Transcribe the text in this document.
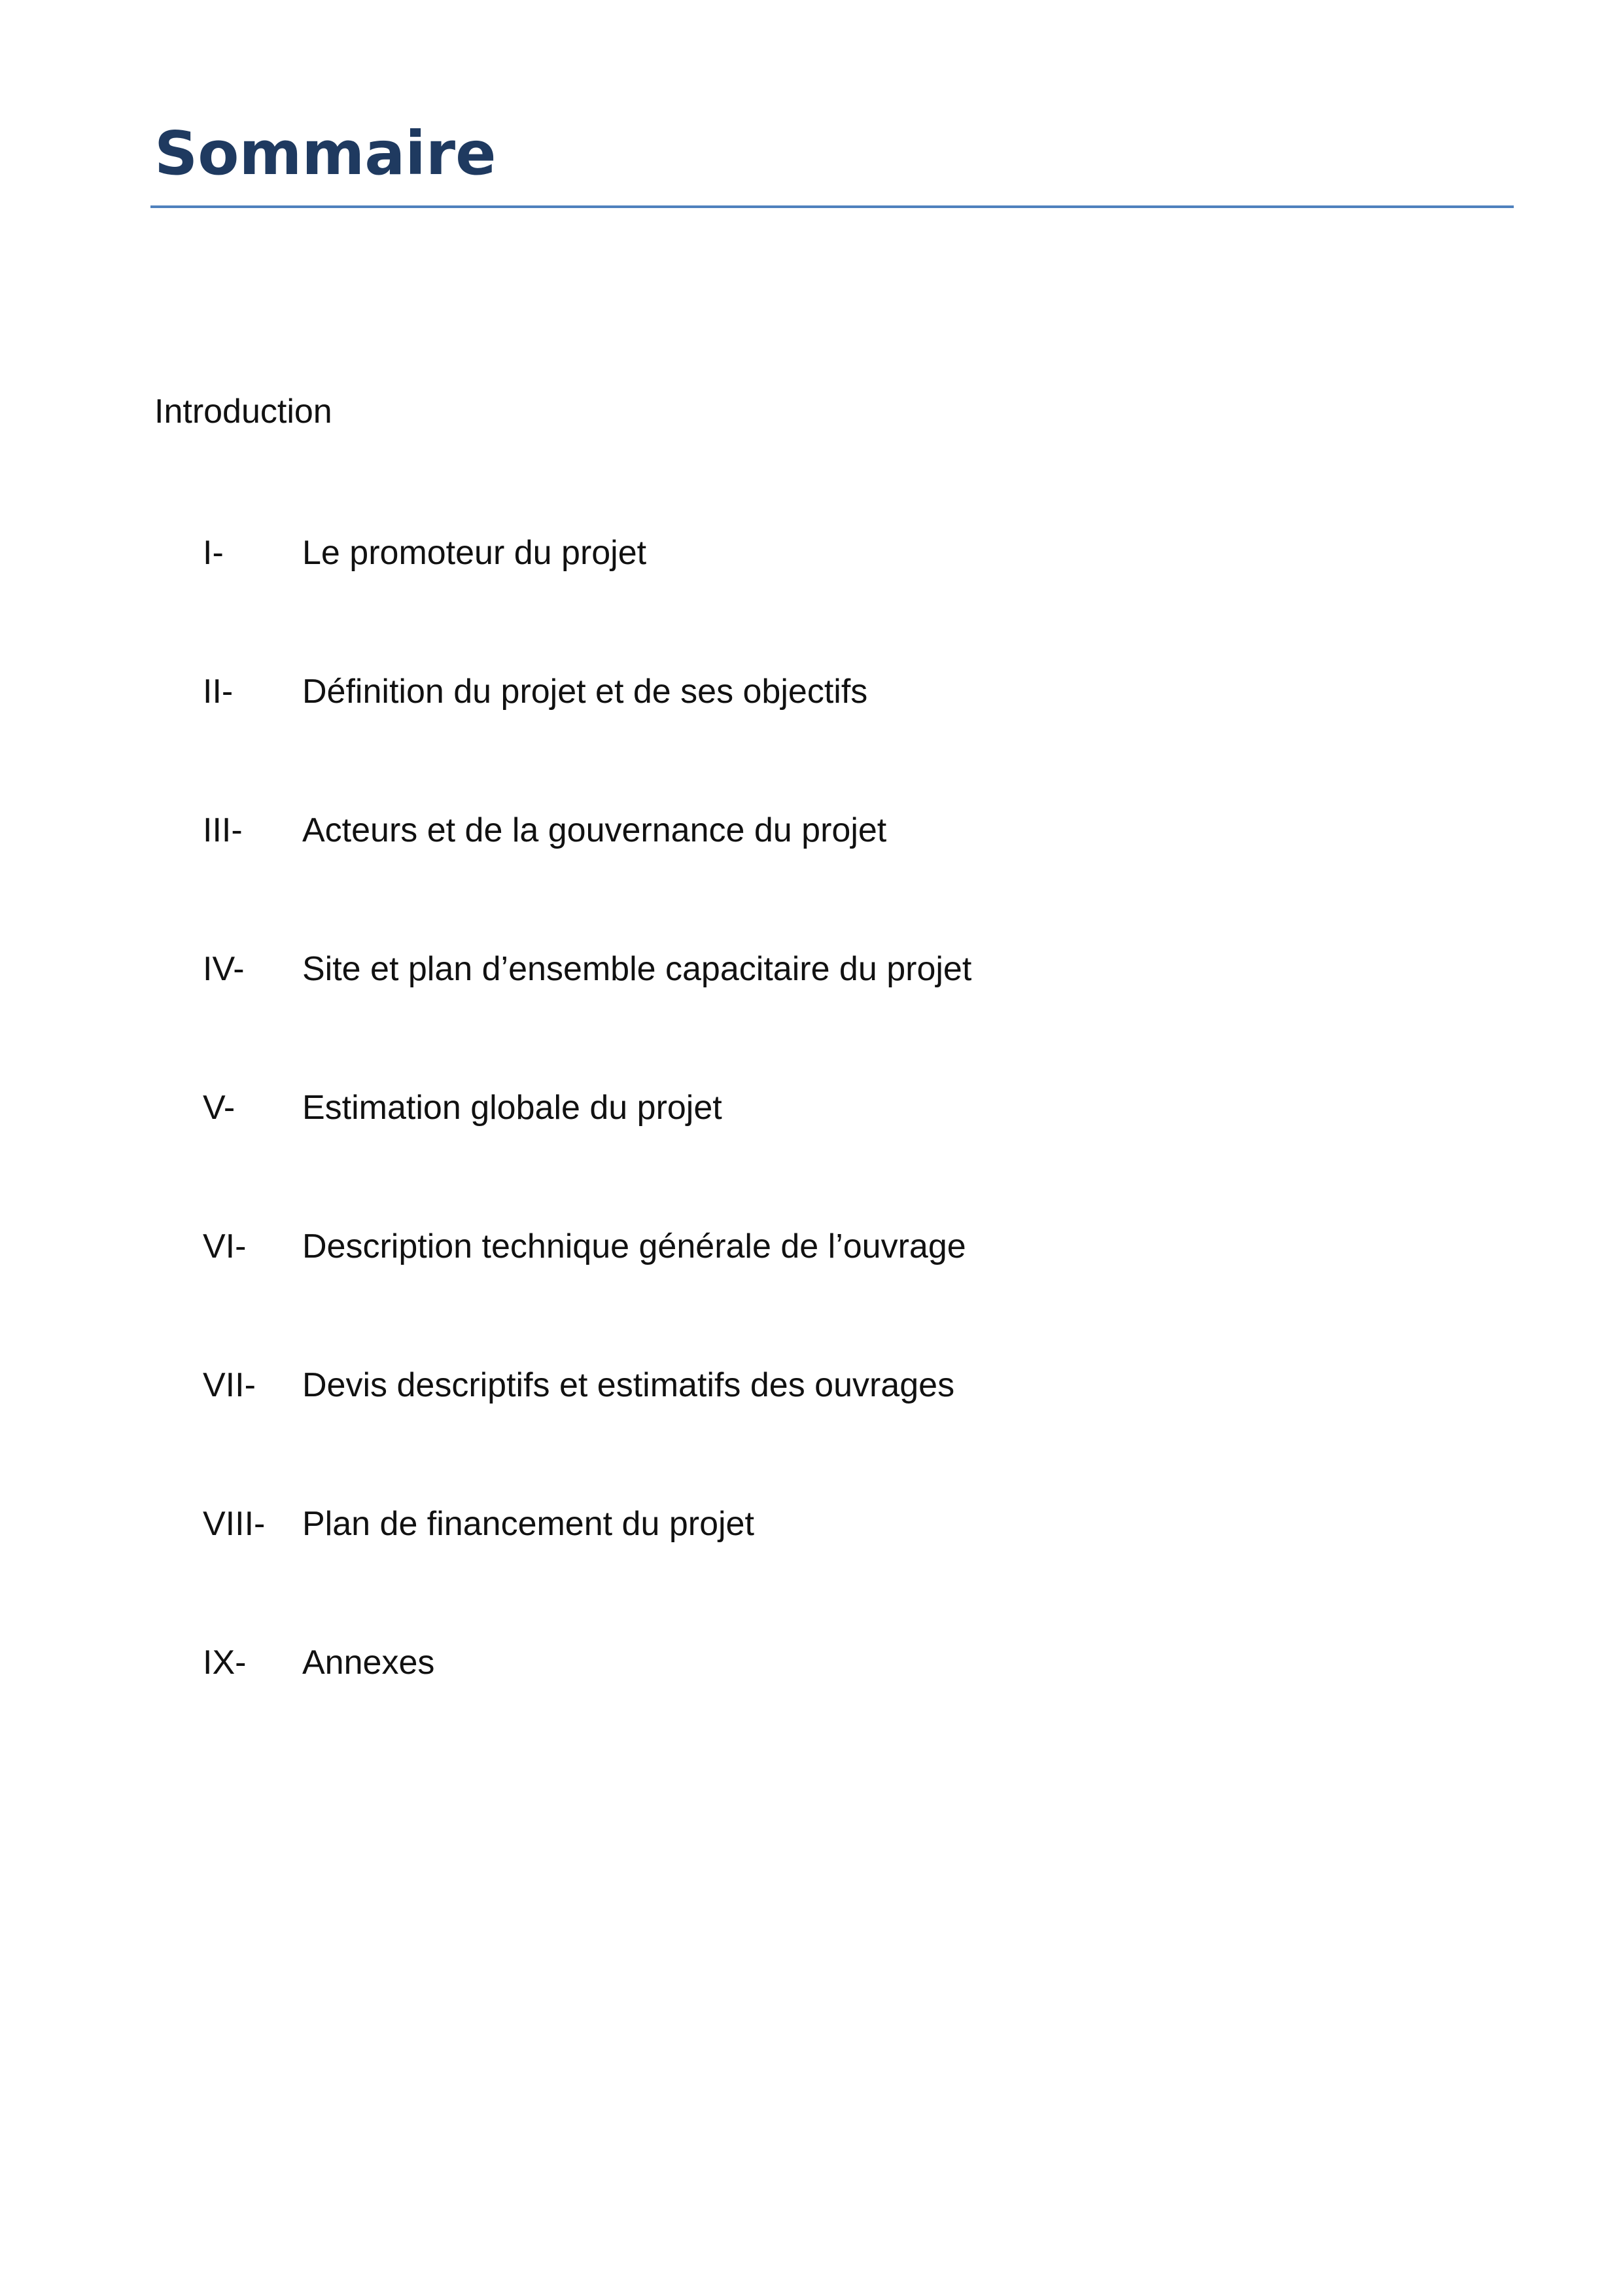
Sommaire
Introduction
I- Le promoteur du projet
II- Définition du projet et de ses objectifs
III- Acteurs et de la gouvernance du projet
IV- Site et plan d’ensemble capacitaire du projet
V- Estimation globale du projet
VI- Description technique générale de l’ouvrage
VII- Devis descriptifs et estimatifs des ouvrages
VIII- Plan de financement du projet
IX- Annexes
